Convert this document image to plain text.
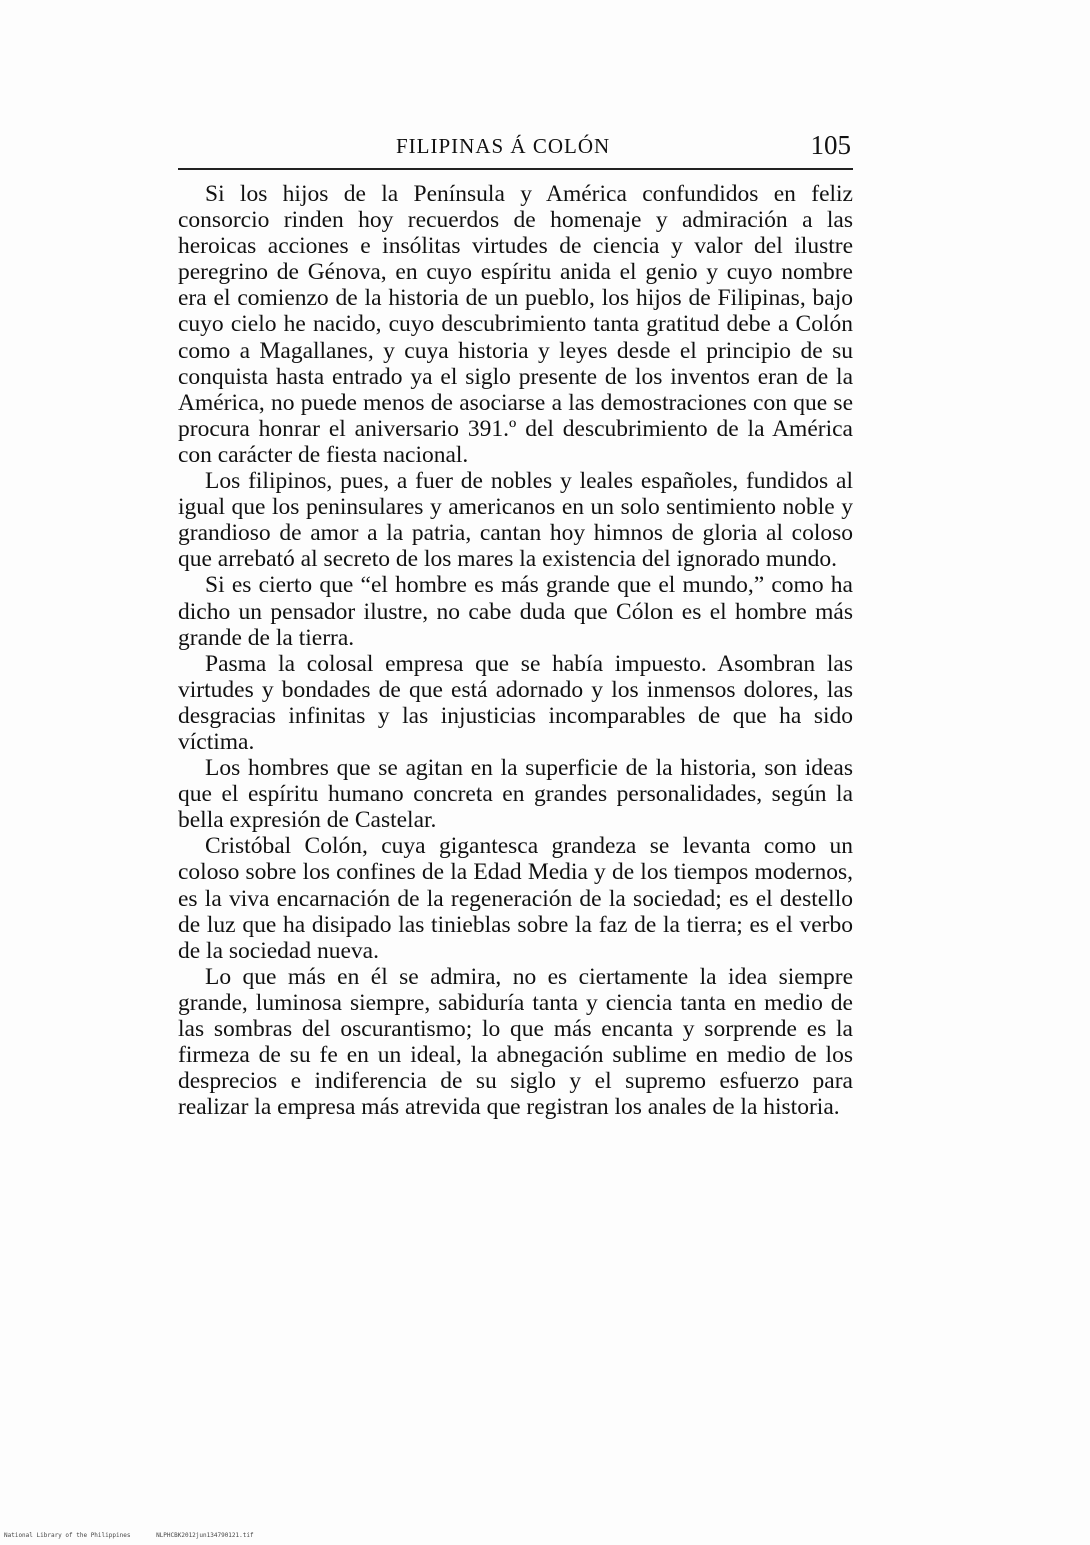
FILIPINAS Á COLÓN	105

Si los hijos de la Península y América confundidos en feliz consorcio rinden hoy recuerdos de homenaje y admiración a las heroicas acciones e insólitas virtudes de ciencia y valor del ilustre peregrino de Génova, en cuyo espíritu anida el genio y cuyo nombre era el comienzo de la historia de un pueblo, los hijos de Filipinas, bajo cuyo cielo he nacido, cuyo descubrimiento tanta gratitud debe a Colón como a Magallanes, y cuya historia y leyes desde el principio de su conquista hasta entrado ya el siglo presente de los inventos eran de la América, no puede menos de asociarse a las demostraciones con que se procura honrar el aniversario 391.º del descubrimiento de la América con carácter de fiesta nacional.

Los filipinos, pues, a fuer de nobles y leales españoles, fundidos al igual que los peninsulares y americanos en un solo sentimiento noble y grandioso de amor a la patria, cantan hoy himnos de gloria al coloso que arrebató al secreto de los mares la existencia del ignorado mundo.

Si es cierto que “el hombre es más grande que el mundo,” como ha dicho un pensador ilustre, no cabe duda que Cólon es el hombre más grande de la tierra.

Pasma la colosal empresa que se había impuesto. Asombran las virtudes y bondades de que está adornado y los inmensos dolores, las desgracias infinitas y las injusticias incomparables de que ha sido víctima.

Los hombres que se agitan en la superficie de la historia, son ideas que el espíritu humano concreta en grandes personalidades, según la bella expresión de Castelar.

Cristóbal Colón, cuya gigantesca grandeza se levanta como un coloso sobre los confines de la Edad Media y de los tiempos modernos, es la viva encarnación de la regeneración de la sociedad; es el destello de luz que ha disipado las tinieblas sobre la faz de la tierra; es el verbo de la sociedad nueva.

Lo que más en él se admira, no es ciertamente la idea siempre grande, luminosa siempre, sabiduría tanta y ciencia tanta en medio de las sombras del oscurantismo; lo que más encanta y sorprende es la firmeza de su fe en un ideal, la abnegación sublime en medio de los desprecios e indiferencia de su siglo y el supremo esfuerzo para realizar la empresa más atrevida que registran los anales de la historia.

National Library of the Philippines	NLPHCBK2012jun134790121.tif
